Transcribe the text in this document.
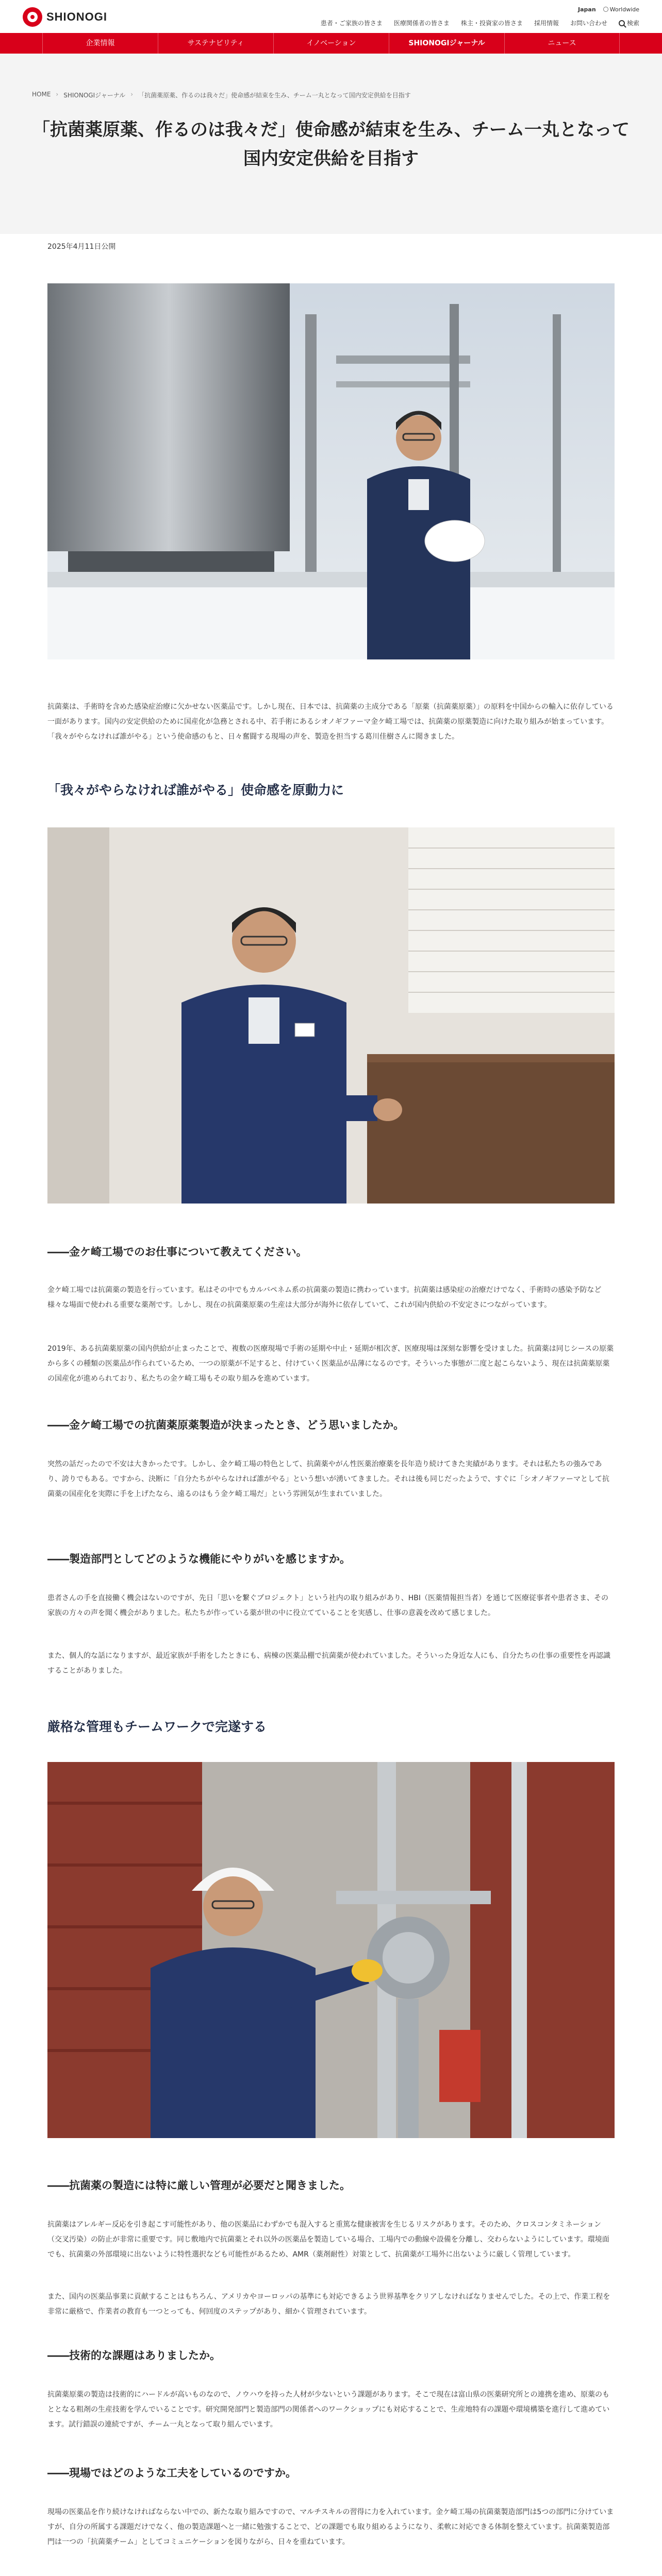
SHIONOGI
Japan	Worldwide
患者・ご家族の皆さま 医療関係者の皆さま 株主・投資家の皆さま 採用情報 お問い合わせ	検索
企業情報	サステナビリティ	イノベーション	SHIONOGIジャーナル	ニュース
HOME › SHIONOGIジャーナル › 「抗菌薬原薬、作るのは我々だ」使命感が結束を生み、チーム一丸となって国内安定供給を目指す
「抗菌薬原薬、作るのは我々だ」使命感が結束を生み、チーム一丸となって国内安定供給を目指す
2025年4月11日公開

抗菌薬は、手術時を含めた感染症治療に欠かせない医薬品です。しかし現在、日本では、抗菌薬の主成分である「原薬（抗菌薬原薬）」の原料を中国からの輸入に依存している一面があります。国内の安定供給のために国産化が急務とされる中、若手術にあるシオノギファーマ金ケ崎工場では、抗菌薬の原薬製造に向けた取り組みが始まっています。「我々がやらなければ誰がやる」という使命感のもと、日々奮闘する現場の声を、製造を担当する葛川佳樹さんに聞きました。

「我々がやらなければ誰がやる」使命感を原動力に
――金ケ崎工場でのお仕事について教えてください。

金ケ崎工場では抗菌薬の製造を行っています。私はその中でもカルバペネム系の抗菌薬の製造に携わっています。抗菌薬は感染症の治療だけでなく、手術時の感染予防など様々な場面で使われる重要な薬剤です。しかし、現在の抗菌薬原薬の生産は大部分が海外に依存していて、これが国内供給の不安定さにつながっています。

2019年、ある抗菌薬原薬の国内供給が止まったことで、複数の医療現場で手術の延期や中止・延期が相次ぎ、医療現場は深刻な影響を受けました。抗菌薬は同じシースの原薬から多くの種類の医薬品が作られているため、一つの原薬が不足すると、付けていく医薬品が品薄になるのです。そういった事態が二度と起こらないよう、現在は抗菌薬原薬の国産化が進められており、私たちの金ケ崎工場もその取り組みを進めています。

――金ケ崎工場での抗菌薬原薬製造が決まったとき、どう思いましたか。

突然の話だったので不安は大きかったです。しかし、金ケ崎工場の特色として、抗菌薬やがん性医薬治療薬を長年造り続けてきた実績があります。それは私たちの強みであり、誇りでもある。ですから、決断に「自分たちがやらなければ誰がやる」という想いが湧いてきました。それは後も同じだったようで、すぐに「シオノギファーマとして抗菌薬の国産化を実際に手を上げたなら、遠るのはもう金ケ崎工場だ」という雰囲気が生まれていました。

――製造部門としてどのような機能にやりがいを感じますか。

患者さんの手を直接働く機会はないのですが、先日「思いを繋ぐプロジェクト」という社内の取り組みがあり、HBI（医薬情報担当者）を通じて医療従事者や患者さま、その家族の方々の声を聞く機会がありました。私たちが作っている薬が世の中に役立てていることを実感し、仕事の意義を改めて感じました。

また、個人的な話になりますが、最近家族が手術をしたときにも、病棟の医薬品棚で抗菌薬が使われていました。そういった身近な人にも、自分たちの仕事の重要性を再認識することがありました。

厳格な管理もチームワークで完遂する
――抗菌薬の製造には特に厳しい管理が必要だと聞きました。

抗菌薬はアレルギー反応を引き起こす可能性があり、他の医薬品にわずかでも混入すると重篤な健康被害を生じるリスクがあります。そのため、クロスコンタミネーション（交叉汚染）の防止が非常に重要です。同じ敷地内で抗菌薬とそれ以外の医薬品を製造している場合、工場内での動線や設備を分離し、交わらないようにしています。環境面でも、抗菌薬の外部環境に出ないように特性選択なども可能性があるため、AMR（薬剤耐性）対策として、抗菌薬が工場外に出ないように厳しく管理しています。

また、国内の医薬品事業に貢献することはもちろん、アメリカやヨーロッパの基準にも対応できるよう世界基準をクリアしなければなりませんでした。その上で、作業工程を非常に厳格で、作業者の教育も一つとっても、何回度のステップがあり、細かく管理されています。

――技術的な課題はありましたか。

抗菌薬原薬の製造は技術的にハードルが高いものなので、ノウハウを持った人材が少ないという課題があります。そこで現在は富山県の医薬研究所との連携を進め、原薬のもととなる粗剤の生産技術を学んでいることです。研究開発部門と製造部門の関係者へのワークショップにも対応することで、生産地特有の課題や環境構築を進行して進めています。試行錯誤の連続ですが、チーム一丸となって取り組んでいます。

――現場ではどのような工夫をしているのですか。

現場の医薬品を作り続けなければならない中での、新たな取り組みですので、マルチスキルの習得に力を入れています。金ケ崎工場の抗菌薬製造部門は5つの部門に分けていますが、自分の所属する課題だけでなく、他の製造課題へと一緒に勉強することで、どの課題でも取り組めるようになり、柔軟に対応できる体制を整えています。抗菌薬製造部門は一つの「抗菌薬チーム」としてコミュニケーションを図りながら、日々を重ねています。
